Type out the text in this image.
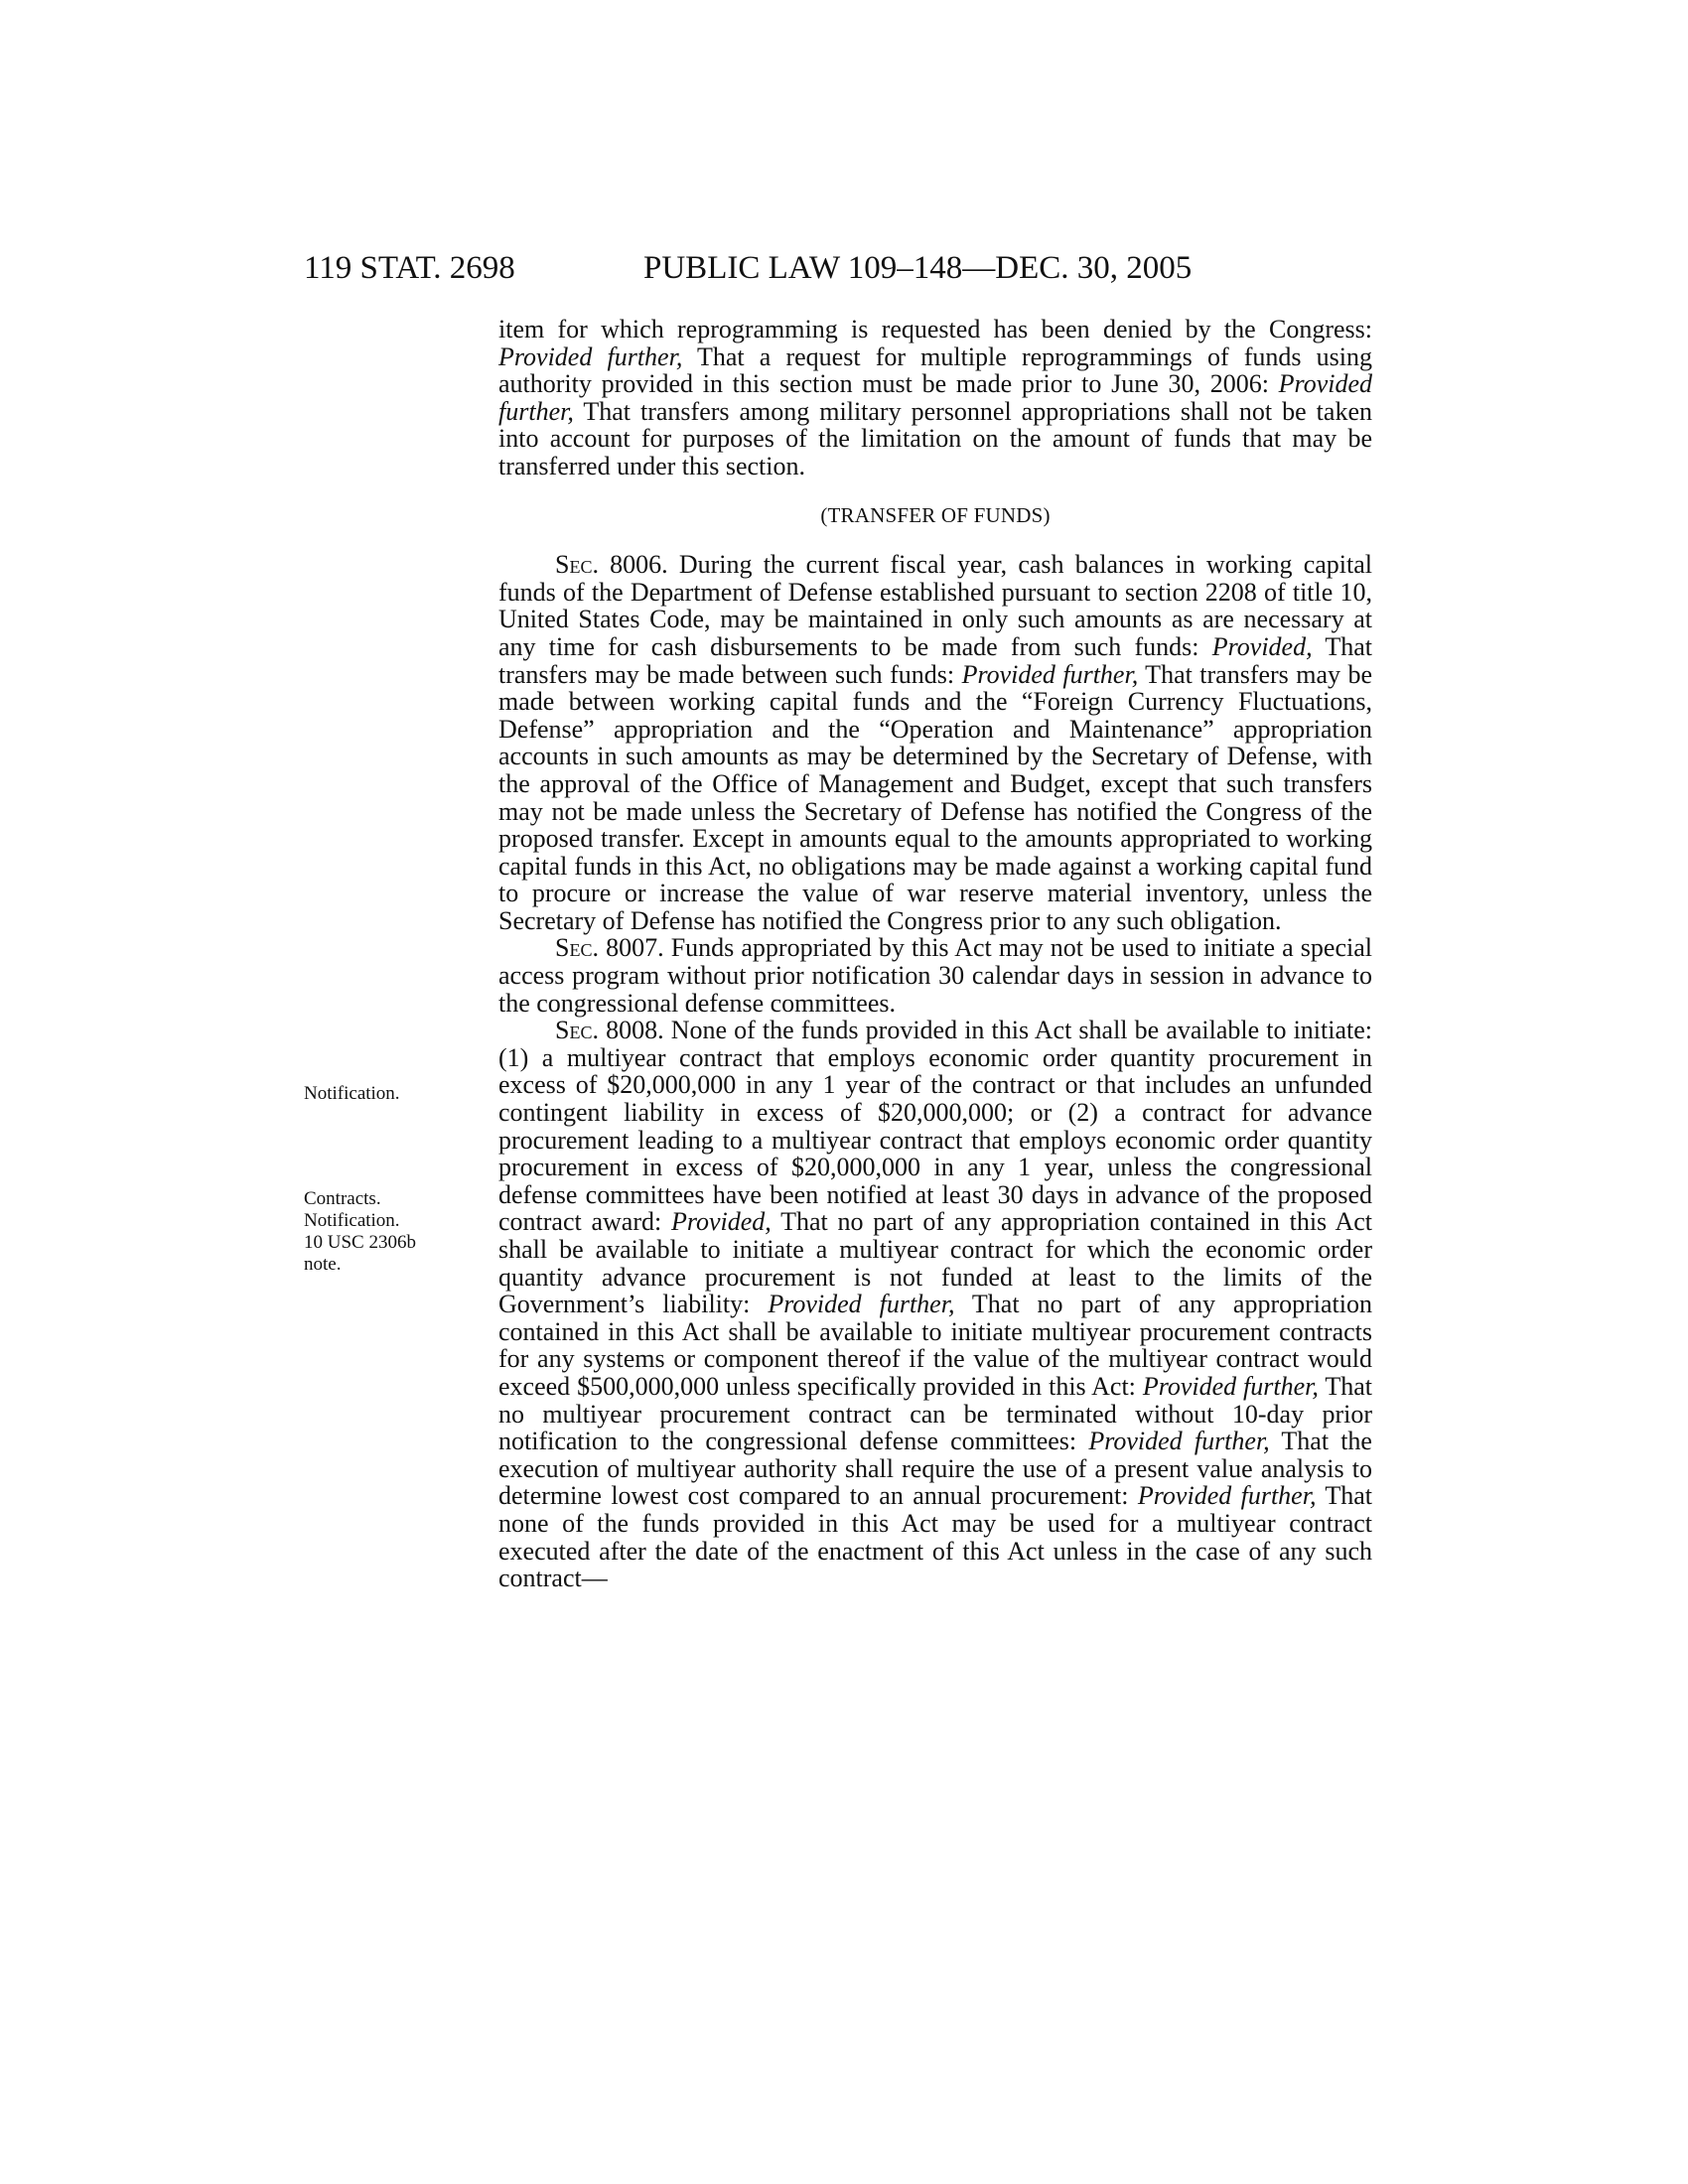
119 STAT. 2698	PUBLIC LAW 109–148—DEC. 30, 2005

item for which reprogramming is requested has been denied by the Congress: Provided further, That a request for multiple reprogrammings of funds using authority provided in this section must be made prior to June 30, 2006: Provided further, That transfers among military personnel appropriations shall not be taken into account for purposes of the limitation on the amount of funds that may be transferred under this section.

(TRANSFER OF FUNDS)

Sec. 8006. During the current fiscal year, cash balances in working capital funds of the Department of Defense established pursuant to section 2208 of title 10, United States Code, may be maintained in only such amounts as are necessary at any time for cash disbursements to be made from such funds: Provided, That transfers may be made between such funds: Provided further, That transfers may be made between working capital funds and the “Foreign Currency Fluctuations, Defense” appropriation and the “Operation and Maintenance” appropriation accounts in such amounts as may be determined by the Secretary of Defense, with the approval of the Office of Management and Budget, except that such transfers may not be made unless the Secretary of Defense has notified the Congress of the proposed transfer. Except in amounts equal to the amounts appropriated to working capital funds in this Act, no obligations may be made against a working capital fund to procure or increase the value of war reserve material inventory, unless the Secretary of Defense has notified the Congress prior to any such obligation.

Sec. 8007. Funds appropriated by this Act may not be used to initiate a special access program without prior notification 30 calendar days in session in advance to the congressional defense committees.

Sec. 8008. None of the funds provided in this Act shall be available to initiate: (1) a multiyear contract that employs economic order quantity procurement in excess of $20,000,000 in any 1 year of the contract or that includes an unfunded contingent liability in excess of $20,000,000; or (2) a contract for advance procurement leading to a multiyear contract that employs economic order quantity procurement in excess of $20,000,000 in any 1 year, unless the congressional defense committees have been notified at least 30 days in advance of the proposed contract award: Provided, That no part of any appropriation contained in this Act shall be available to initiate a multiyear contract for which the economic order quantity advance procurement is not funded at least to the limits of the Government’s liability: Provided further, That no part of any appropriation contained in this Act shall be available to initiate multiyear procurement contracts for any systems or component thereof if the value of the multiyear contract would exceed $500,000,000 unless specifically provided in this Act: Provided further, That no multiyear procurement contract can be terminated without 10-day prior notification to the congressional defense committees: Provided further, That the execution of multiyear authority shall require the use of a present value analysis to determine lowest cost compared to an annual procurement: Provided further, That none of the funds provided in this Act may be used for a multiyear contract executed after the date of the enactment of this Act unless in the case of any such contract—

Notification.
Contracts.
Notification.
10 USC 2306b
note.
